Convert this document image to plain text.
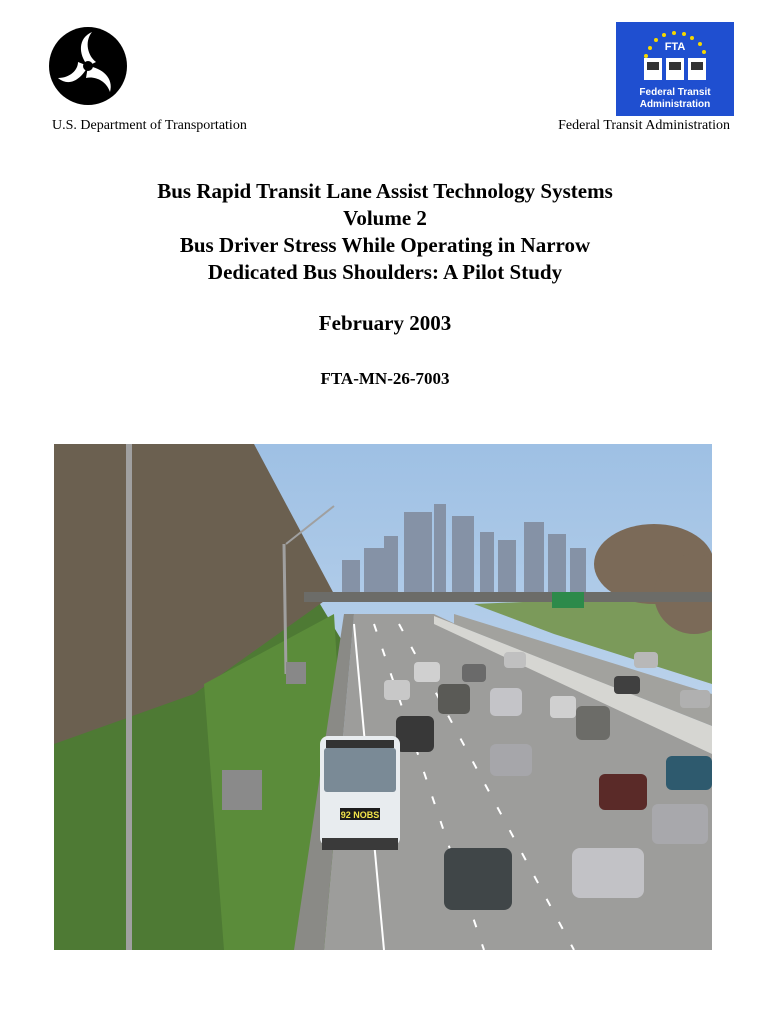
FTA
Federal Transit
Administration
U.S. Department of Transportation	Federal Transit Administration
Bus Rapid Transit Lane Assist Technology Systems
Volume 2
Bus Driver Stress While Operating in Narrow
Dedicated Bus Shoulders: A Pilot Study
February 2003
FTA-MN-26-7003
92 NOBS
